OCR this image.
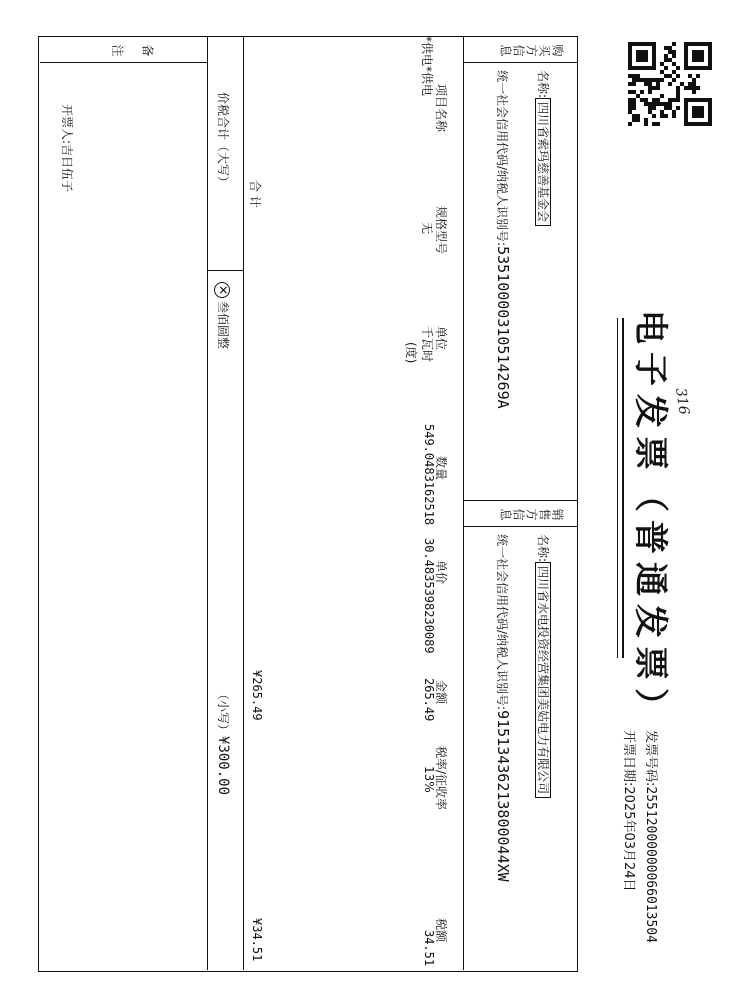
电子发票（普通发票） 316
发票号码:25512000000066013504
开票日期:2025年03月24日
购买方信息
销售方信息
名称:四川省索玛慈善基金会
统一社会信用代码/纳税人识别号:53510000310514269A
名称:四川省水电投资经营集团美姑电力有限公司
统一社会信用代码/纳税人识别号:91513436213800044XW
项目名称
规格型号
单位
数量
单价
金额
税率/征收率
税额
*供电*供电
无
千瓦时
(度)
549.0483162518
30.4835398230089
265.49
13%
34.51
合 计
¥265.49
¥34.51
价税合计（大写）
✕叁佰圆整
（小写）¥300.00
备注
开票人:吉日伍子
